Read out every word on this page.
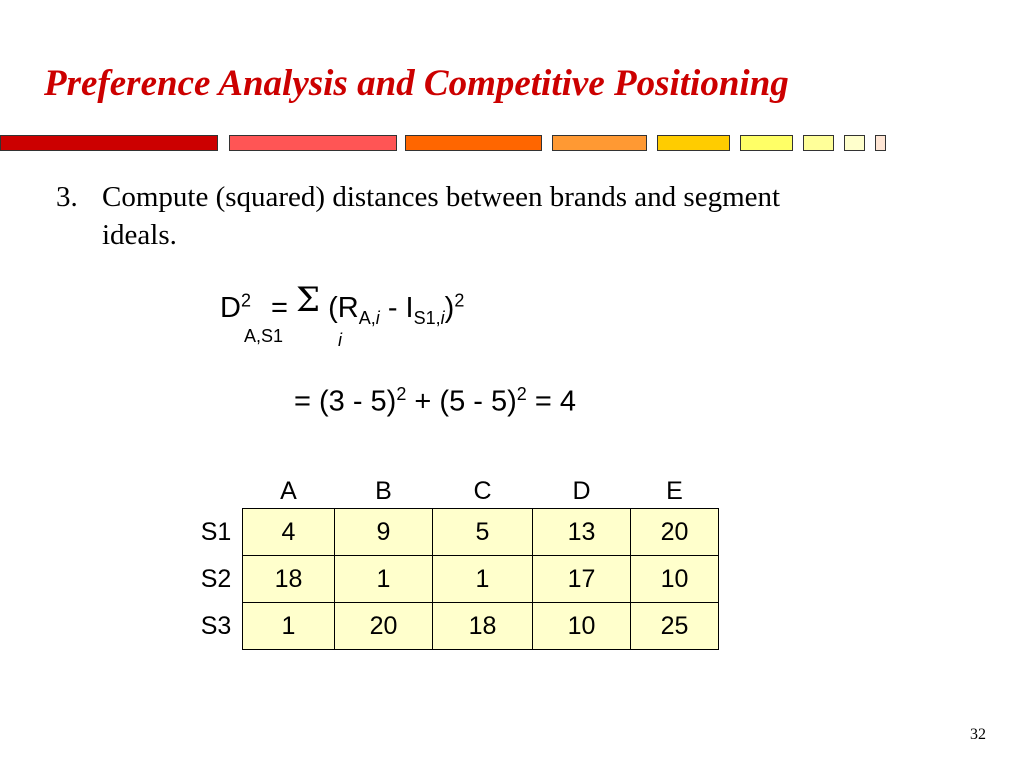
Preference Analysis and Competitive Positioning
3. Compute (squared) distances between brands and segment ideals.
$D^2 = \Sigma$ $(R_{A,i} - I_{S1,i})^2$
A,S1	i
= (3 - 5)$^2$ + (5 - 5)$^2$ = 4
	A	B	C	D	E
S1	4	9	5	13	20
S2	18	1	1	17	10
S3	1	20	18	10	25
32
